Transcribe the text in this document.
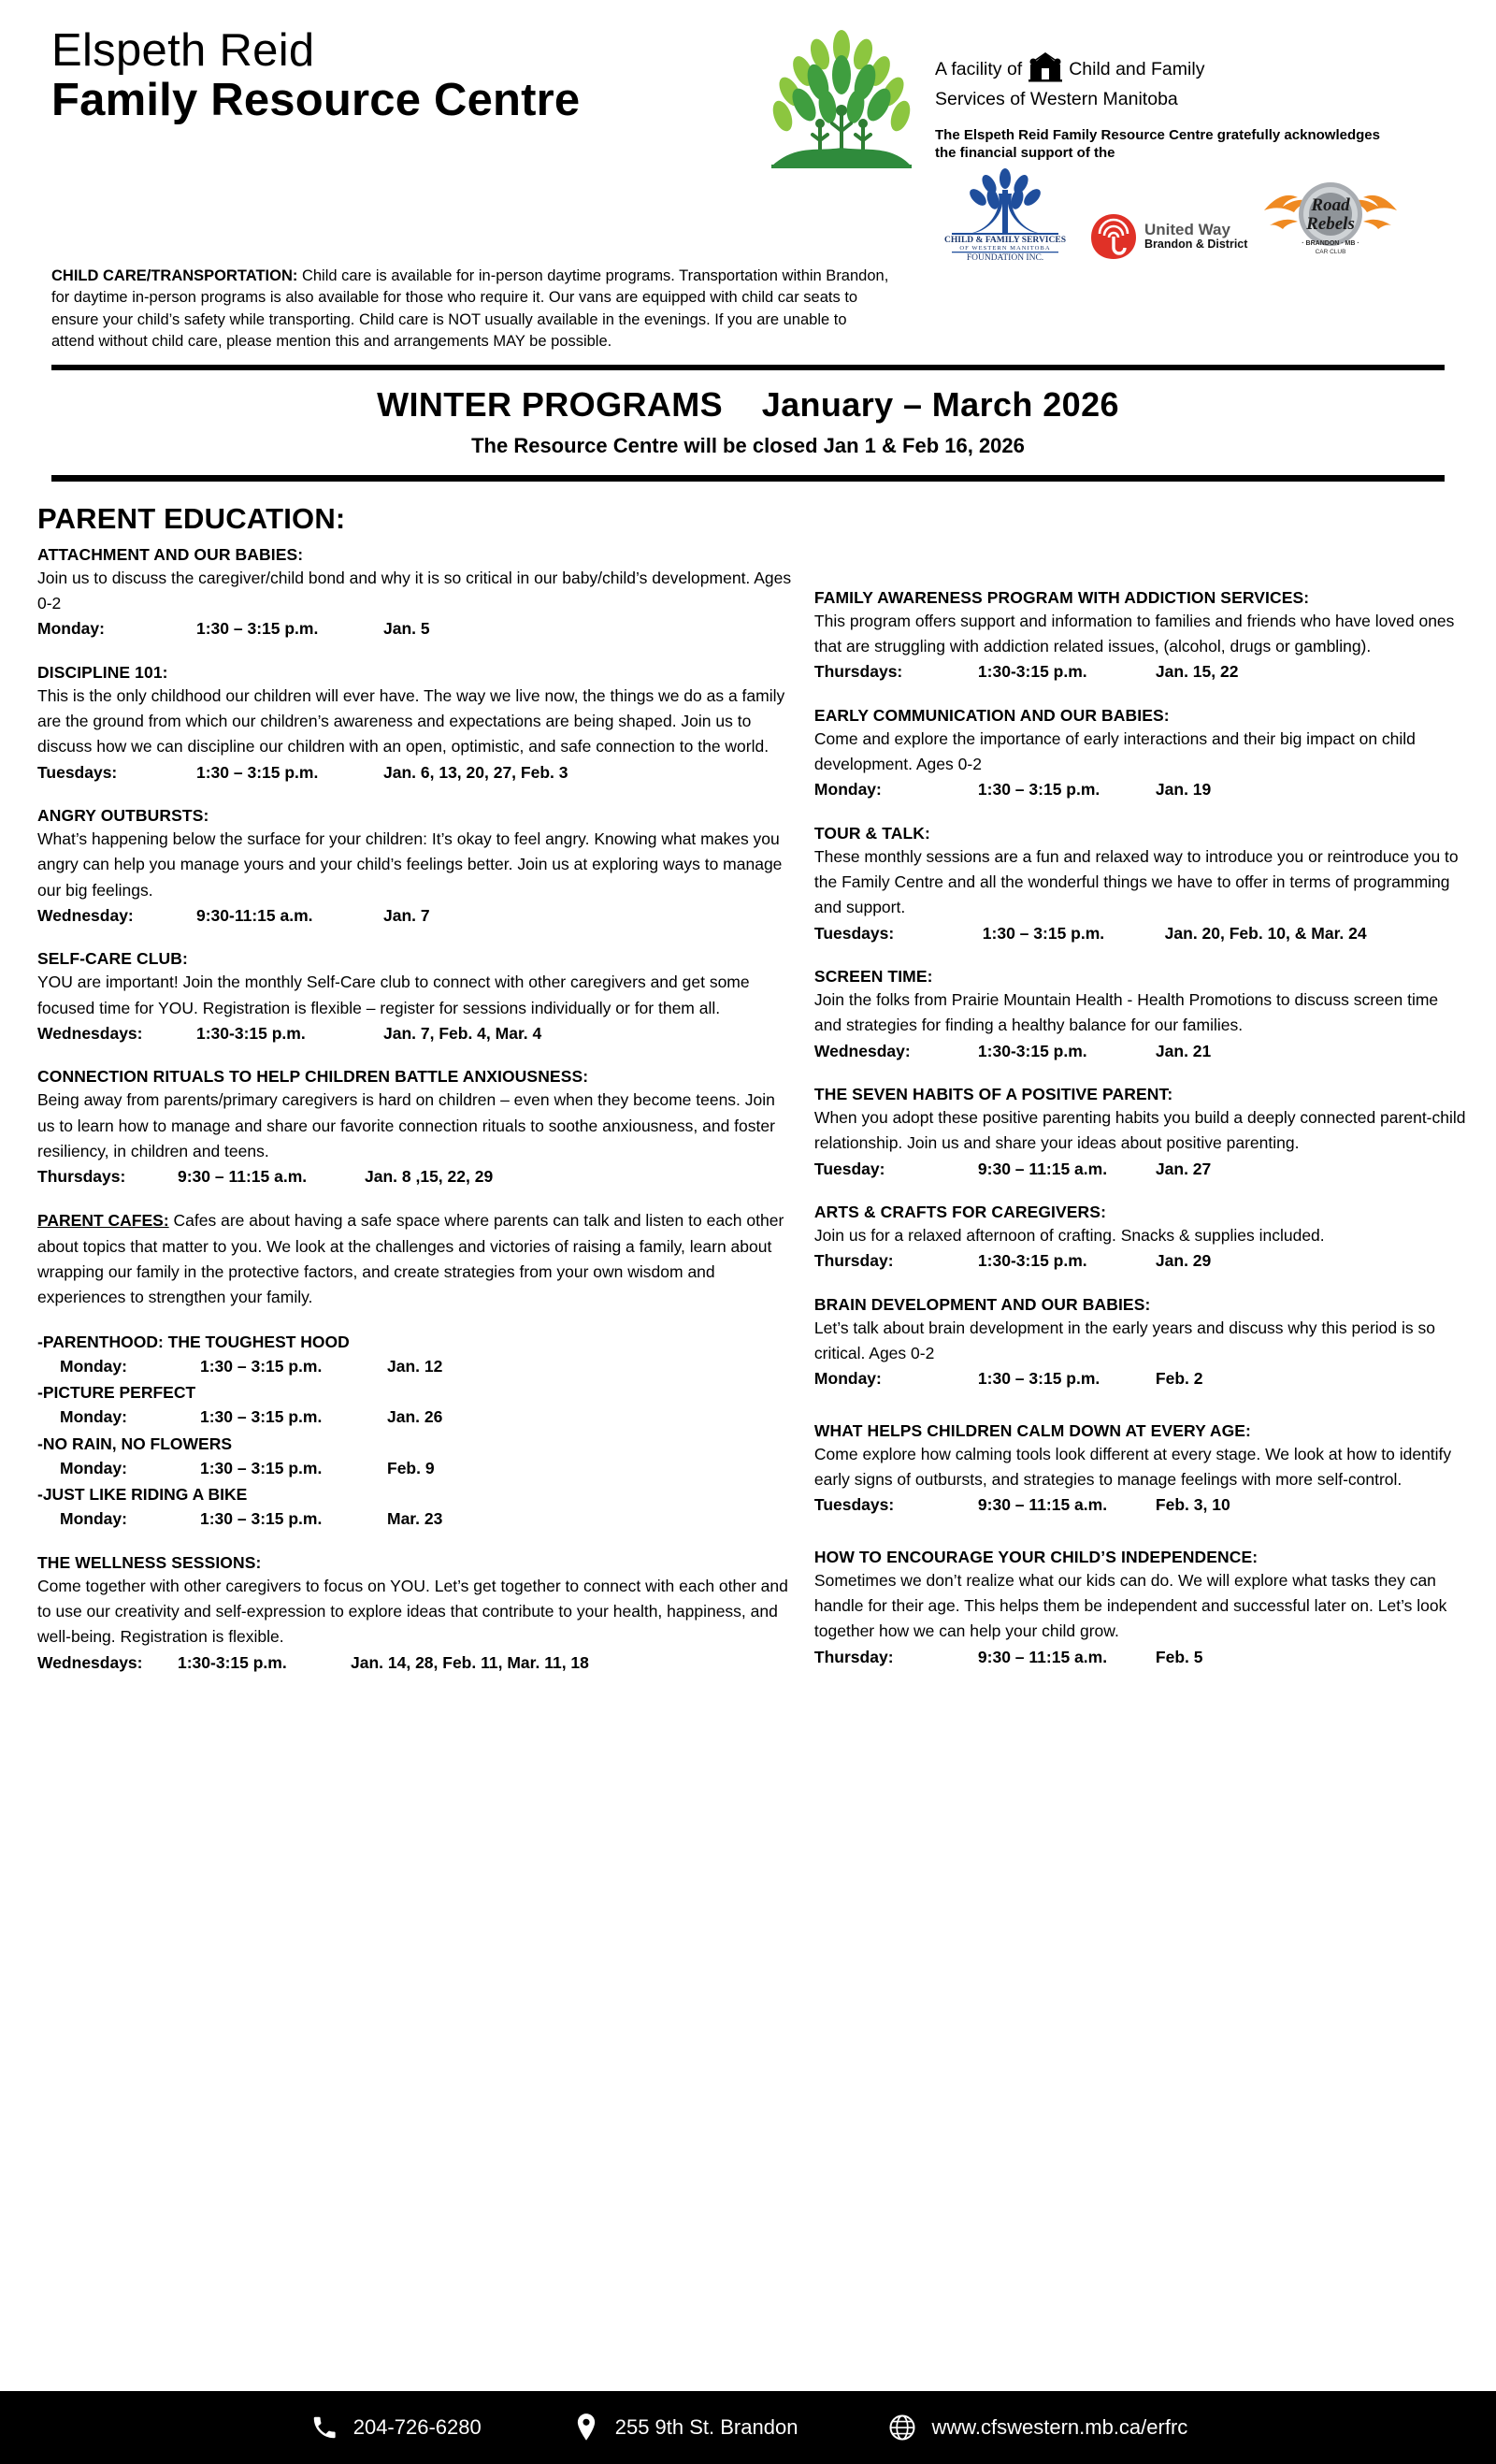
Elspeth Reid
Family Resource Centre
A facility of	Child and Family
Services of Western Manitoba
The Elspeth Reid Family Resource Centre gratefully acknowledges the financial support of the
CHILD & FAMILY SERVICES
OF WESTERN MANITOBA
FOUNDATION INC.
United Way
Brandon & District
Road
Rebels
· BRANDON · MB ·
CAR CLUB
CHILD CARE/TRANSPORTATION: Child care is available for in-person daytime programs. Transportation within Brandon, for daytime in-person programs is also available for those who require it. Our vans are equipped with child car seats to ensure your child’s safety while transporting. Child care is NOT usually available in the evenings. If you are unable to attend without child care, please mention this and arrangements MAY be possible.
WINTER PROGRAMS January – March 2026
The Resource Centre will be closed Jan 1 & Feb 16, 2026
PARENT EDUCATION:
ATTACHMENT AND OUR BABIES:
Join us to discuss the caregiver/child bond and why it is so critical in our baby/child’s development. Ages 0-2
Monday:	1:30 – 3:15 p.m.	Jan. 5
DISCIPLINE 101:
This is the only childhood our children will ever have. The way we live now, the things we do as a family are the ground from which our children’s awareness and expectations are being shaped. Join us to discuss how we can discipline our children with an open, optimistic, and safe connection to the world.
Tuesdays:	1:30 – 3:15 p.m.	Jan. 6, 13, 20, 27, Feb. 3
ANGRY OUTBURSTS:
What’s happening below the surface for your children: It’s okay to feel angry. Knowing what makes you angry can help you manage yours and your child’s feelings better. Join us at exploring ways to manage our big feelings.
Wednesday:	9:30-11:15 a.m.	Jan. 7
SELF-CARE CLUB:
YOU are important! Join the monthly Self-Care club to connect with other caregivers and get some focused time for YOU. Registration is flexible – register for sessions individually or for them all.
Wednesdays:	1:30-3:15 p.m.	Jan. 7, Feb. 4, Mar. 4
CONNECTION RITUALS TO HELP CHILDREN BATTLE ANXIOUSNESS:
Being away from parents/primary caregivers is hard on children – even when they become teens. Join us to learn how to manage and share our favorite connection rituals to soothe anxiousness, and foster resiliency, in children and teens.
Thursdays:	9:30 – 11:15 a.m.	Jan. 8 ,15, 22, 29
PARENT CAFES: Cafes are about having a safe space where parents can talk and listen to each other about topics that matter to you. We look at the challenges and victories of raising a family, learn about wrapping our family in the protective factors, and create strategies from your own wisdom and experiences to strengthen your family.
-PARENTHOOD: THE TOUGHEST HOOD
Monday:	1:30 – 3:15 p.m.	Jan. 12
-PICTURE PERFECT
Monday:	1:30 – 3:15 p.m.	Jan. 26
-NO RAIN, NO FLOWERS
Monday:	1:30 – 3:15 p.m.	Feb. 9
-JUST LIKE RIDING A BIKE
Monday:	1:30 – 3:15 p.m.	Mar. 23
THE WELLNESS SESSIONS:
Come together with other caregivers to focus on YOU. Let’s get together to connect with each other and to use our creativity and self-expression to explore ideas that contribute to your health, happiness, and well-being. Registration is flexible.
Wednesdays:	1:30-3:15 p.m.	Jan. 14, 28, Feb. 11, Mar. 11, 18
FAMILY AWARENESS PROGRAM WITH ADDICTION SERVICES:
This program offers support and information to families and friends who have loved ones that are struggling with addiction related issues, (alcohol, drugs or gambling).
Thursdays:	1:30-3:15 p.m.	Jan. 15, 22
EARLY COMMUNICATION AND OUR BABIES:
Come and explore the importance of early interactions and their big impact on child development. Ages 0-2
Monday:	1:30 – 3:15 p.m.	Jan. 19
TOUR & TALK:
These monthly sessions are a fun and relaxed way to introduce you or reintroduce you to the Family Centre and all the wonderful things we have to offer in terms of programming and support.
Tuesdays:	1:30 – 3:15 p.m.	Jan. 20, Feb. 10, & Mar. 24
SCREEN TIME:
Join the folks from Prairie Mountain Health - Health Promotions to discuss screen time and strategies for finding a healthy balance for our families.
Wednesday:	1:30-3:15 p.m.	Jan. 21
THE SEVEN HABITS OF A POSITIVE PARENT:
When you adopt these positive parenting habits you build a deeply connected parent-child relationship. Join us and share your ideas about positive parenting.
Tuesday:	9:30 – 11:15 a.m.	Jan. 27
ARTS & CRAFTS FOR CAREGIVERS:
Join us for a relaxed afternoon of crafting. Snacks & supplies included.
Thursday:	1:30-3:15 p.m.	Jan. 29
BRAIN DEVELOPMENT AND OUR BABIES:
Let’s talk about brain development in the early years and discuss why this period is so critical. Ages 0-2
Monday:	1:30 – 3:15 p.m.	Feb. 2
WHAT HELPS CHILDREN CALM DOWN AT EVERY AGE:
Come explore how calming tools look different at every stage. We look at how to identify early signs of outbursts, and strategies to manage feelings with more self-control.
Tuesdays:	9:30 – 11:15 a.m.	Feb. 3, 10
HOW TO ENCOURAGE YOUR CHILD’S INDEPENDENCE:
Sometimes we don’t realize what our kids can do. We will explore what tasks they can handle for their age. This helps them be independent and successful later on. Let’s look together how we can help your child grow.
Thursday:	9:30 – 11:15 a.m.	Feb. 5
204-726-6280	255 9th St. Brandon	www.cfswestern.mb.ca/erfrc
